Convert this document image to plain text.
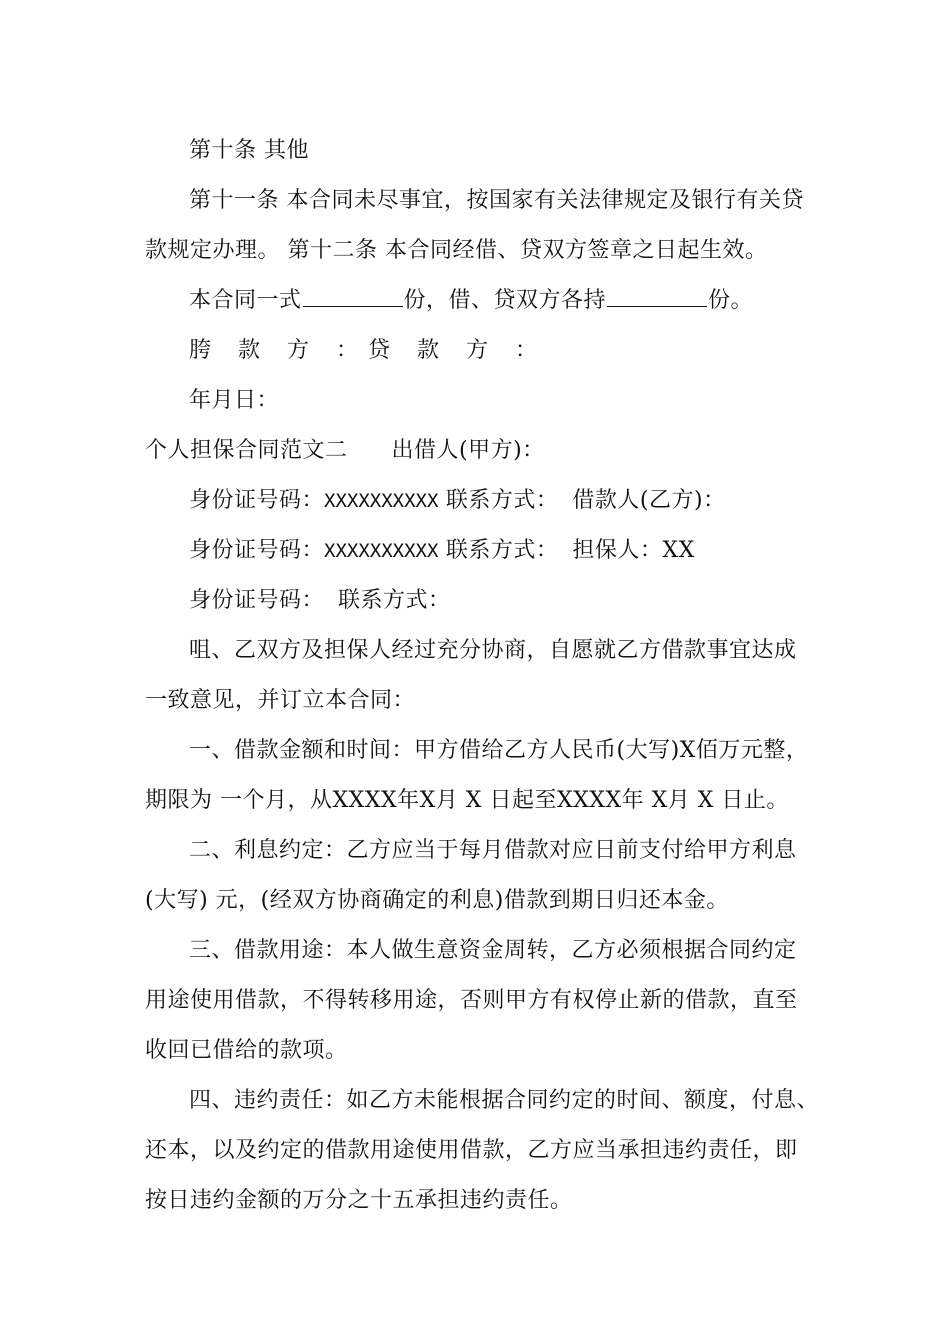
第十条 其他
第十一条 本合同未尽事宜，按国家有关法律规定及银行有关贷
款规定办理。 第十二条 本合同经借、贷双方签章之日起生效。
本合同一式	份，借、贷双方各持	份。
胯 款 方 ：贷 款 方 ：
年月日：
个人担保合同范文二 出借人(甲方)：
身份证号码：XXXXXXXXXX 联系方式： 借款人(乙方)：
身份证号码：XXXXXXXXXX 联系方式： 担保人：XX
身份证号码： 联系方式：
咀、乙双方及担保人经过充分协商，自愿就乙方借款事宜达成
一致意见，并订立本合同：
一、借款金额和时间：甲方借给乙方人民币(大写)X佰万元整，
期限为 一个月，从XXXX年X月 X 日起至XXXX年 X月 X 日止。
二、利息约定：乙方应当于每月借款对应日前支付给甲方利息
(大写) 元，(经双方协商确定的利息)借款到期日归还本金。
三、借款用途：本人做生意资金周转，乙方必须根据合同约定
用途使用借款，不得转移用途，否则甲方有权停止新的借款，直至
收回已借给的款项。
四、违约责任：如乙方未能根据合同约定的时间、额度，付息、
还本，以及约定的借款用途使用借款，乙方应当承担违约责任，即
按日违约金额的万分之十五承担违约责任。
